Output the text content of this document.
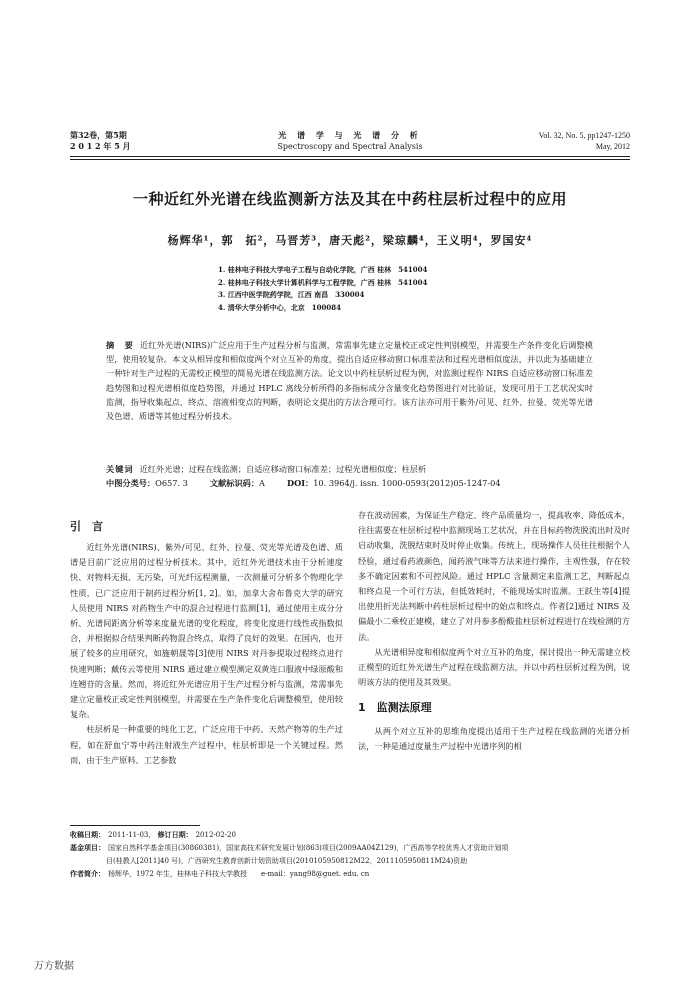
第32卷，第5期
2 0 1 2 年 5 月
光 谱 学 与 光 谱 分 析
Spectroscopy and Spectral Analysis
Vol. 32, No. 5, pp1247-1250
May, 2012
一种近红外光谱在线监测新方法及其在中药柱层析过程中的应用
杨辉华¹，郭　拓²，马晋芳³，唐天彪²，梁琼麟⁴，王义明⁴，罗国安⁴
1. 桂林电子科技大学电子工程与自动化学院，广西 桂林　541004
2. 桂林电子科技大学计算机科学与工程学院，广西 桂林　541004
3. 江西中医学院药学院，江西 南昌　330004
4. 清华大学分析中心，北京　100084
摘　要 近红外光谱(NIRS)广泛应用于生产过程分析与监测，常需事先建立定量校正或定性判别模型，并需要生产条件变化后调整模型，使用较复杂。本文从相异度和相似度两个对立互补的角度，提出自适应移动窗口标准差法和过程光谱相似度法，并以此为基础建立一种针对生产过程的无需校正模型的简易光谱在线监测方法。论文以中药柱层析过程为例，对监测过程作 NIRS 自适应移动窗口标准差趋势图和过程光谱相似度趋势图，并通过 HPLC 离线分析所得的多指标成分含量变化趋势图进行对比验证，发现可用于工艺状况实时监测，指导收集起点、终点、溶液相变点的判断，表明论文提出的方法合理可行。该方法亦可用于紫外/可见、红外、拉曼、荧光等光谱及色谱、质谱等其他过程分析技术。
关键词 近红外光谱；过程在线监测；自适应移动窗口标准差；过程光谱相似度；柱层析
中图分类号：O657. 3	文献标识码：A	DOI：10. 3964/j. issn. 1000-0593(2012)05-1247-04
引　言

近红外光谱(NIRS)、紫外/可见、红外、拉曼、荧光等光谱及色谱、质谱是目前广泛应用的过程分析技术。其中，近红外光谱技术由于分析速度快、对物料无损、无污染，可光纤远程测量，一次测量可分析多个物理化学性质，已广泛应用于制药过程分析[1, 2]。如，加拿大舍布鲁克大学的研究人员使用 NIRS 对药物生产中的混合过程进行监测[1]，通过使用主成分分析、光谱间距离分析等来度量光谱的变化程度，将变化度进行线性或指数拟合，并根据拟合结果判断药物混合终点，取得了良好的效果。在国内，也开展了较多的应用研究，如施朝晟等[3]使用 NIRS 对丹参提取过程终点进行快速判断；戴传云等使用 NIRS 通过建立模型测定双黄连口服液中绿原酸和连翘苷的含量。然而，将近红外光谱应用于生产过程分析与监测，常需事先建立定量校正或定性判别模型，并需要在生产条件变化后调整模型，使用较复杂。

柱层析是一种重要的纯化工艺，广泛应用于中药、天然产物等的生产过程，如在舒血宁等中药注射液生产过程中，柱层析即是一个关键过程。然而，由于生产原料、工艺参数

存在波动因素，为保证生产稳定、终产品质量均一，提高收率、降低成本，往往需要在柱层析过程中监测现场工艺状况，并在目标药物洗脱流出时及时启动收集，洗脱结束时及时停止收集。传统上，现场操作人员往往根据个人经验，通过看药液颜色，闻药液气味等方法来进行操作，主观性强，存在较多不确定因素和不可控风险。通过 HPLC 含量测定来监测工艺，判断起点和终点是一个可行方法，但低效耗时，不能现场实时监测。王跃生等[4]提出使用折光法判断中药柱层析过程中的始点和终点。作者[2]通过 NIRS 及偏最小二乘校正建模，建立了对丹参多酚酸盐柱层析过程进行在线检测的方法。

从光谱相异度和相似度两个对立互补的角度，探讨提出一种无需建立校正模型的近红外光谱生产过程在线监测方法，并以中药柱层析过程为例，说明该方法的使用及其效果。

1　监测法原理

从两个对立互补的思维角度提出适用于生产过程在线监测的光谱分析法，一种是通过度量生产过程中光谱序列的相

收稿日期： 2011-11-03， 修订日期： 2012-02-20
基金项目： 国家自然科学基金项目(30860381)，国家高技术研究发展计划(863)项目(2009AA04Z129)，广西高等学校优秀人才资助计划项
目(桂教人[2011]40 号)，广西研究生教育创新计划资助项目(2010105950812M22，2011105950811M24)资助
作者简介： 杨辉华，1972 年生，桂林电子科技大学教授　　e-mail：yang98@guet. edu. cn
万方数据
